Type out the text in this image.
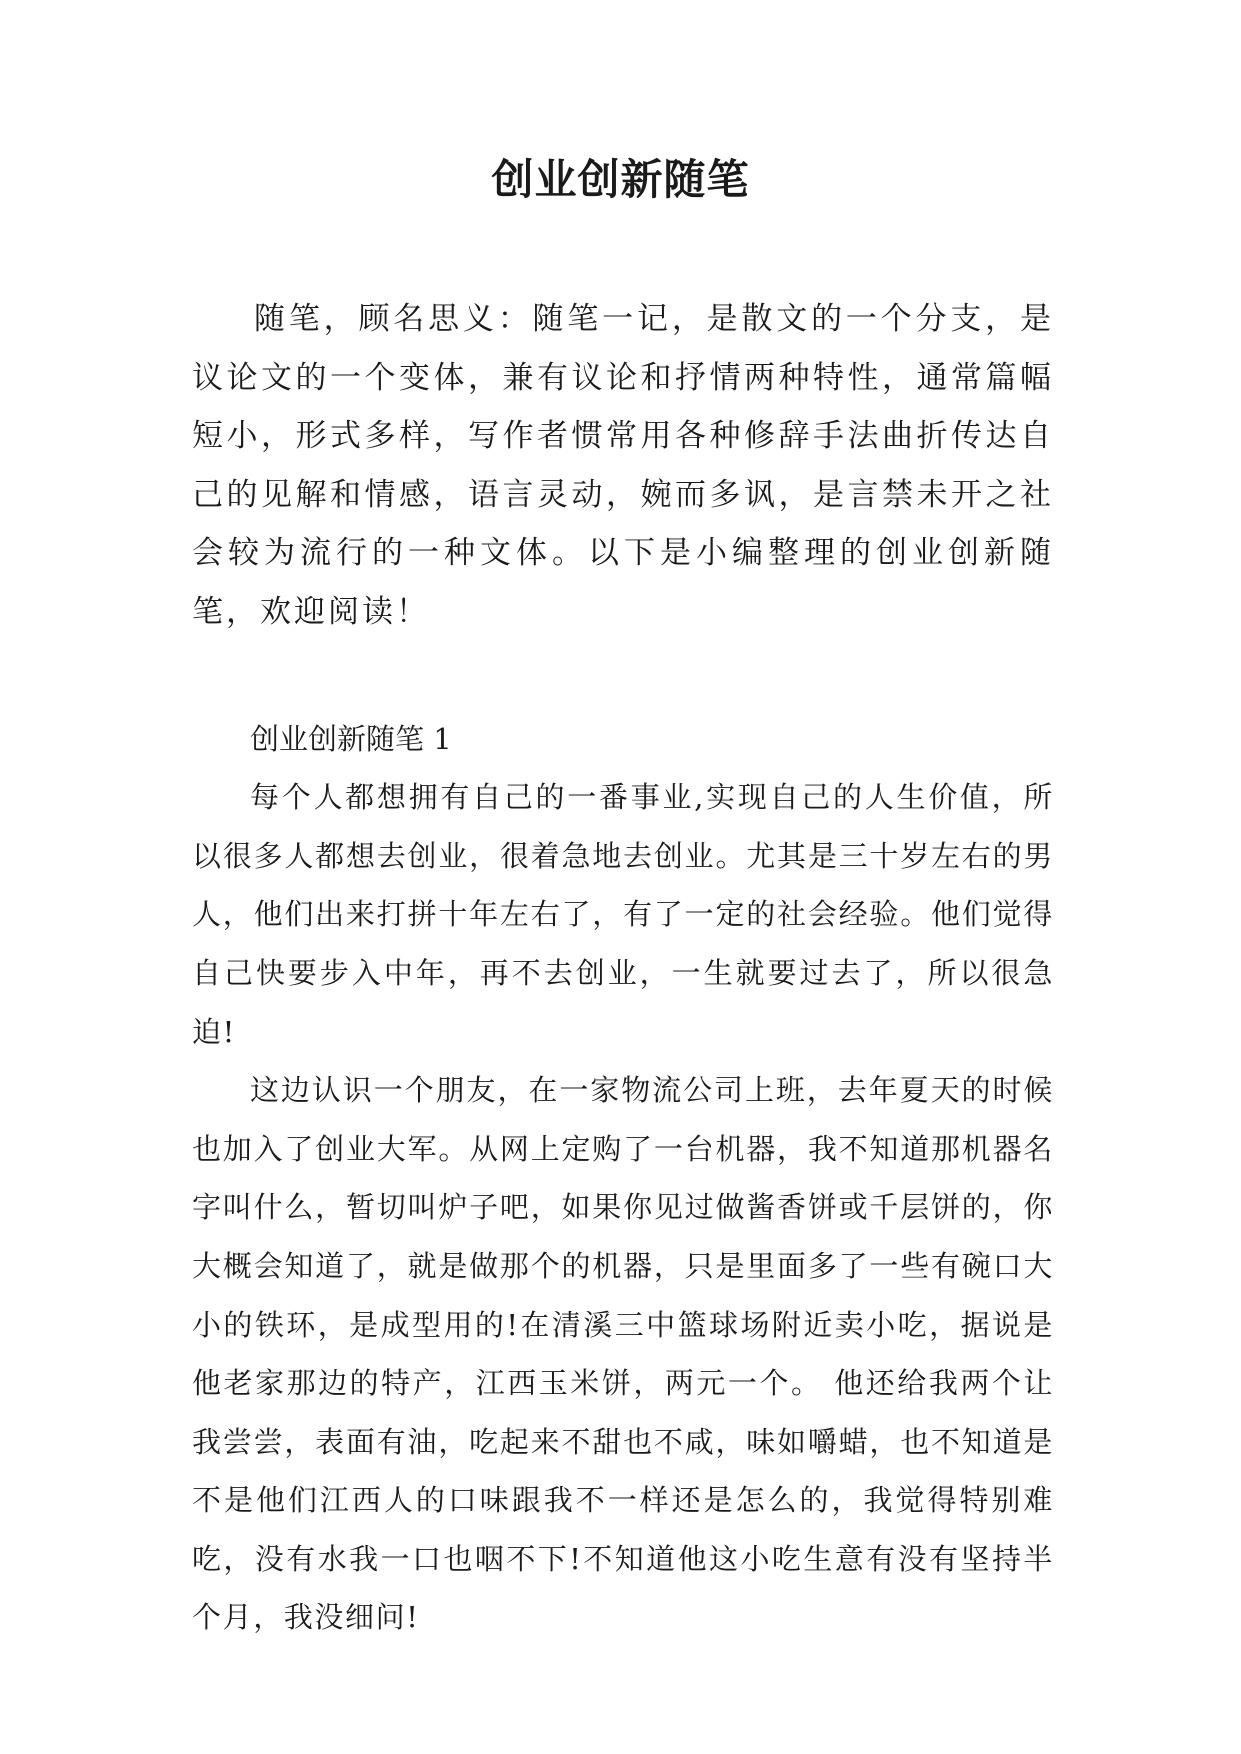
创业创新随笔

随笔，顾名思义：随笔一记，是散文的一个分支，是议论文的一个变体，兼有议论和抒情两种特性，通常篇幅短小，形式多样，写作者惯常用各种修辞手法曲折传达自己的见解和情感，语言灵动，婉而多讽，是言禁未开之社会较为流行的一种文体。以下是小编整理的创业创新随笔，欢迎阅读！

创业创新随笔 1

每个人都想拥有自己的一番事业,实现自己的人生价值，所以很多人都想去创业，很着急地去创业。尤其是三十岁左右的男人，他们出来打拼十年左右了，有了一定的社会经验。他们觉得自己快要步入中年，再不去创业，一生就要过去了，所以很急迫!

这边认识一个朋友，在一家物流公司上班，去年夏天的时候也加入了创业大军。从网上定购了一台机器，我不知道那机器名字叫什么，暂切叫炉子吧，如果你见过做酱香饼或千层饼的，你大概会知道了，就是做那个的机器，只是里面多了一些有碗口大小的铁环，是成型用的!在清溪三中篮球场附近卖小吃，据说是他老家那边的特产，江西玉米饼，两元一个。 他还给我两个让我尝尝，表面有油，吃起来不甜也不咸，味如嚼蜡，也不知道是不是他们江西人的口味跟我不一样还是怎么的，我觉得特别难吃，没有水我一口也咽不下!不知道他这小吃生意有没有坚持半个月，我没细问!
